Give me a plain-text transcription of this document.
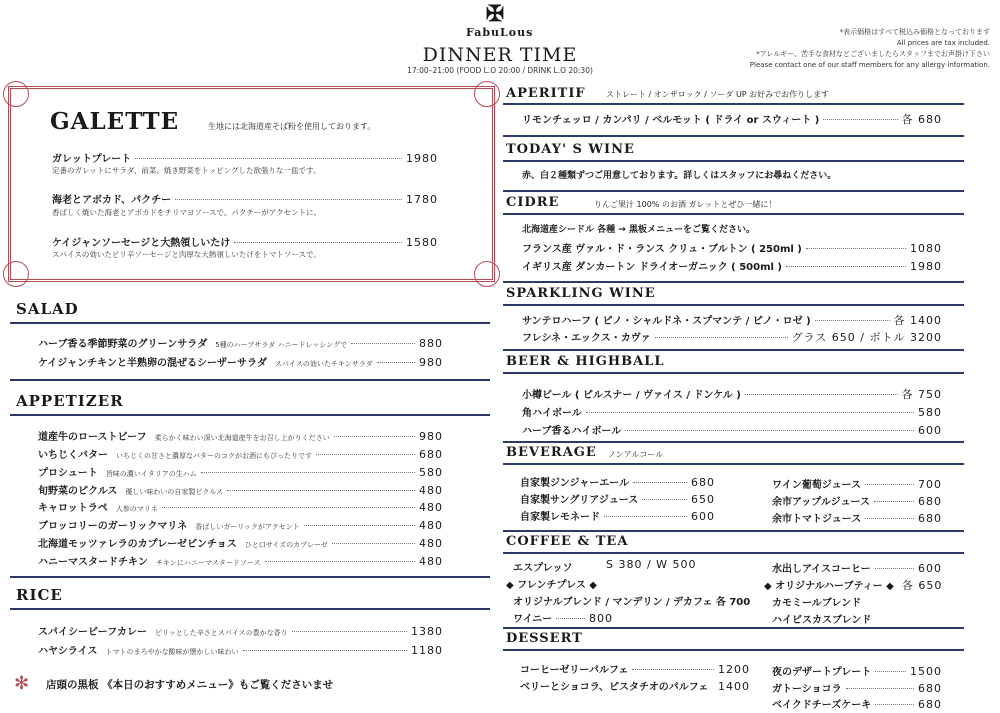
✠
FabuLous
DINNER TIME
17:00–21:00 (FOOD L.O 20:00 / DRINK L.O 20:30)
*表示価格はすべて税込み価格となっております
All prices are tax included.
*アレルギー、苦手な食材などございましたらスタッフまでお声掛け下さい
Please contact one of our staff members for any allergy information.
GALETTE	生地には北海道産そば粉を使用しております。
ガレットプレート	1980
定番のガレットにサラダ、前菜、焼き野菜をトッピングした欲張りな一皿です。
海老とアボカド、パクチー	1780
香ばしく焼いた海老とアボカドをチリマヨソースで。パクチーがアクセントに。
ケイジャンソーセージと大熱領しいたけ	1580
スパイスの効いたピリ辛ソーセージと肉厚な大熱領しいたけをトマトソースで。
SALAD
ハーブ香る季節野菜のグリーンサラダ 5種のハーブサラダ ハニードレッシングで	880
ケイジャンチキンと半熟卵の混ぜるシーザーサラダ スパイスの効いたチキンサラダ	980
APPETIZER
道産牛のローストビーフ 柔らかく味わい深い北海道産牛をお召し上がりください	980
いちじくバター いちじくの甘さと濃厚なバターのコクがお酒にもぴったりです	680
プロシュート 旨味の濃いイタリアの生ハム	580
旬野菜のピクルス 優しい味わいの自家製ピクルス	480
キャロットラペ 人参のマリネ	480
ブロッコリーのガーリックマリネ 香ばしいガーリックがアクセント	480
北海道モッツァレラのカプレーゼピンチョス ひと口サイズのカプレーゼ	480
ハニーマスタードチキン チキンにハニーマスタードソース	480
RICE
スパイシービーフカレー ピリッとした辛さとスパイスの豊かな香り	1380
ハヤシライス トマトのまろやかな酸味が懐かしい味わい	1180
✻ 店頭の黒板 《本日のおすすめメニュー》もご覧くださいませ
APERITIF	ストレート / オンザロック / ソーダ UP お好みでお作りします
リモンチェッロ / カンパリ / ベルモット ( ドライ or スウィート )	各 680
TODAY' S WINE
赤、白２種類ずつご用意しております。詳しくはスタッフにお尋ねください。
CIDRE	りんご果汁 100% のお酒 ガレットとぜひ一緒に！
北海道産シードル 各種 → 黒板メニューをご覧ください。
フランス産 ヴァル・ド・ランス クリュ・ブルトン ( 250ml )	1080
イギリス産 ダンカートン ドライオーガニック ( 500ml )	1980
SPARKLING WINE
サンテロハーフ ( ピノ・シャルドネ・スプマンテ / ピノ・ロゼ )	各 1400
フレシネ・エックス・カヴァ	グラス 650 / ボトル 3200
BEER & HIGHBALL
小樽ビール ( ピルスナー / ヴァイス / ドンケル )	各 750
角ハイボール	580
ハーブ香るハイボール	600
BEVERAGE ノンアルコール
自家製ジンジャーエール	680
自家製サングリアジュース	650
自家製レモネード	600
ワイン葡萄ジュース	700
余市アップルジュース	680
余市トマトジュース	680
COFFEE & TEA
エスプレッソ	S 380 / W 500
◆ フレンチプレス ◆
オリジナルブレンド / マンデリン / デカフェ 各 700
ワイニー	800
水出しアイスコーヒー	600
◆ オリジナルハーブティー ◆ 各 650
カモミールブレンド
ハイビスカスブレンド
DESSERT
コーヒーゼリーパルフェ	1200
ベリーとショコラ、ピスタチオのパルフェ 1400
夜のデザートプレート	1500
ガトーショコラ	680
ベイクドチーズケーキ	680
